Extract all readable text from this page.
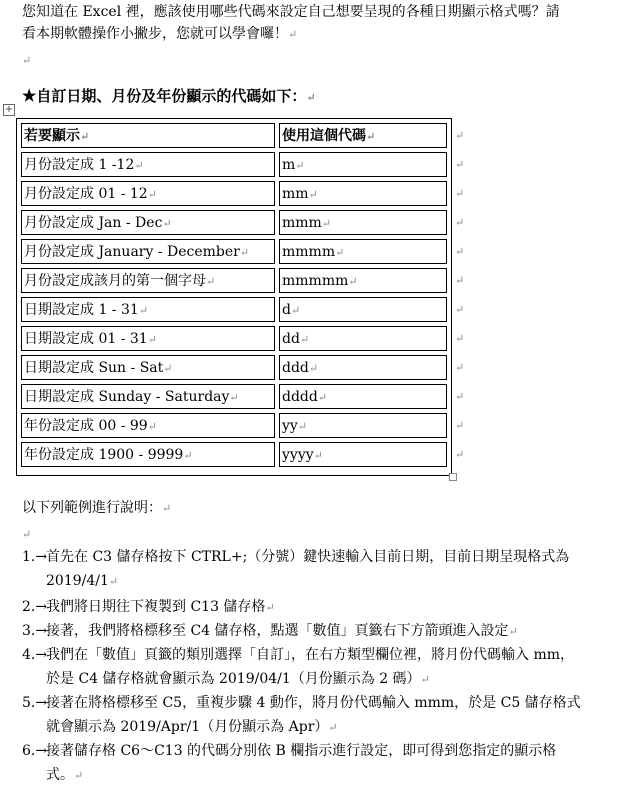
您知道在 Excel 裡，應該使用哪些代碼來設定自己想要呈現的各種日期顯示格式嗎？請
看本期軟體操作小撇步，您就可以學會囉！↵
↵
★自訂日期、月份及年份顯示的代碼如下：↵
+
若要顯示↵	使用這個代碼↵	↵
月份設定成 1 -12↵	m↵	↵
月份設定成 01 - 12↵	mm↵	↵
月份設定成 Jan - Dec↵	mmm↵	↵
月份設定成 January - December↵	mmmm↵	↵
月份設定成該月的第一個字母↵	mmmmm↵	↵
日期設定成 1 - 31↵	d↵	↵
日期設定成 01 - 31↵	dd↵	↵
日期設定成 Sun - Sat↵	ddd↵	↵
日期設定成 Sunday - Saturday↵	dddd↵	↵
年份設定成 00 - 99↵	yy↵	↵
年份設定成 1900 - 9999↵	yyyy↵	↵
以下列範例進行說明：↵
↵
1.→
首先在 C3 儲存格按下 CTRL+;（分號）鍵快速輸入目前日期，目前日期呈現格式為
2019/4/1↵
2.→
我們將日期往下複製到 C13 儲存格↵
3.→
接著，我們將格標移至 C4 儲存格，點選「數值」頁籤右下方箭頭進入設定↵
4.→
我們在「數值」頁籤的類別選擇「自訂」，在右方類型欄位裡，將月份代碼輸入 mm，
於是 C4 儲存格就會顯示為 2019/04/1（月份顯示為 2 碼）↵
5.→
接著在將格標移至 C5，重複步驟 4 動作，將月份代碼輸入 mmm，於是 C5 儲存格式
就會顯示為 2019/Apr/1（月份顯示為 Apr）↵
6.→
接著儲存格 C6～C13 的代碼分別依 B 欄指示進行設定，即可得到您指定的顯示格
式。↵
